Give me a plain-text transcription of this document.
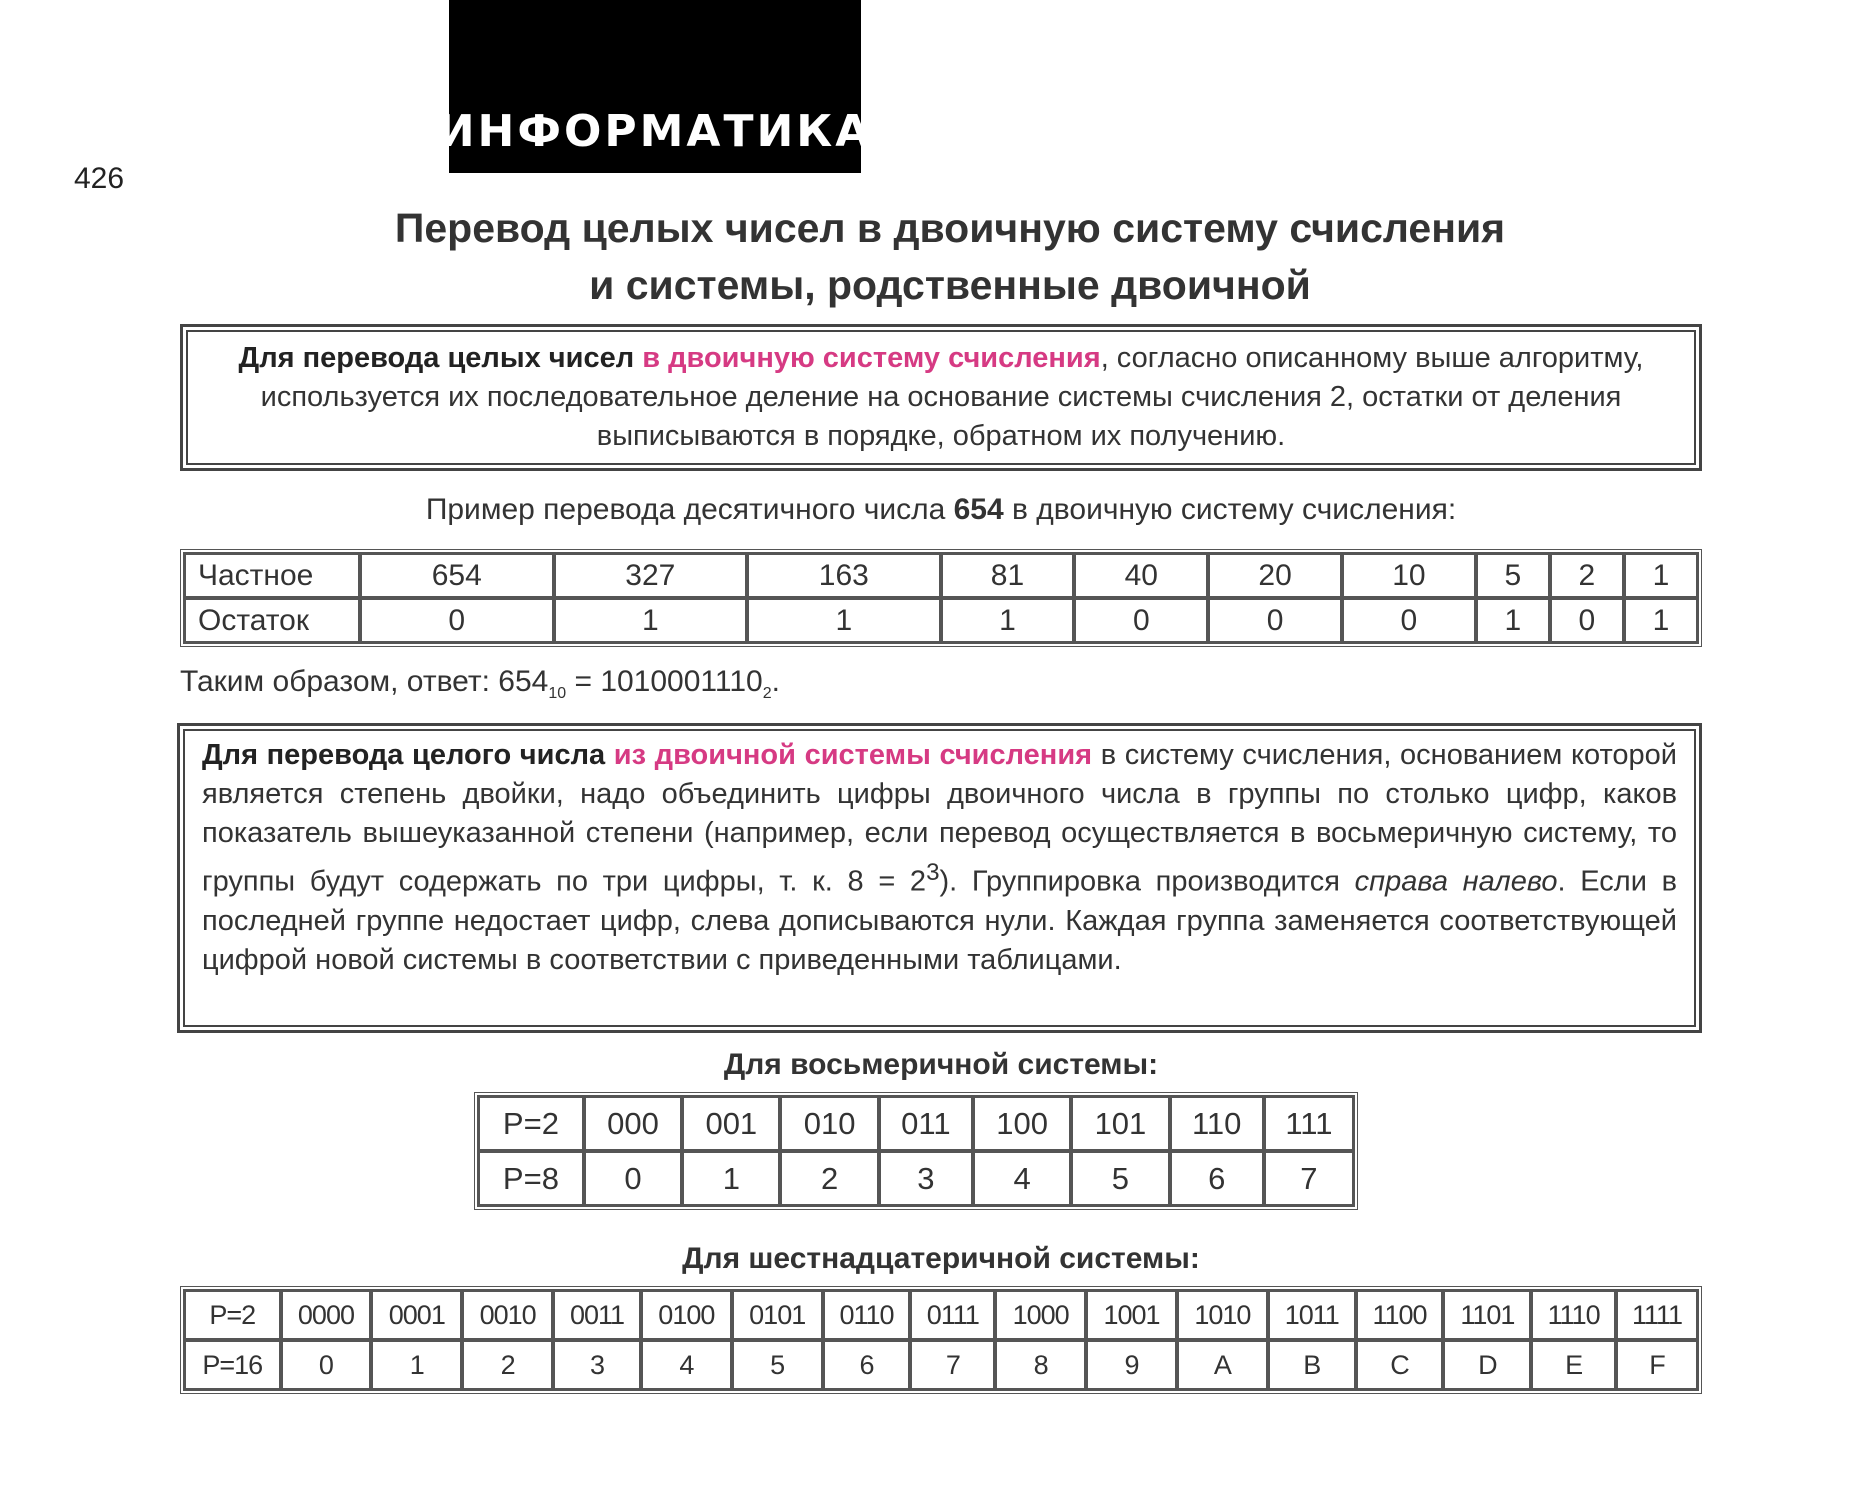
ИНФОРМАТИКА
426
Перевод целых чисел в двоичную систему счисления
и системы, родственные двоичной
Для перевода целых чисел в двоичную систему счисления, согласно описанному выше алгоритму, используется их последовательное деление на основание системы счисления 2, остатки от деления выписываются в порядке, обратном их получению.
Пример перевода десятичного числа 654 в двоичную систему счисления:
Частное	654	327	163	81	40	20	10	5	2	1
Остаток	0	1	1	1	0	0	0	1	0	1
Таким образом, ответ: $654_{10} = 1010001110_2$.
Для перевода целого числа из двоичной системы счисления в систему счисления, основанием которой является степень двойки, надо объединить цифры двоичного числа в группы по столько цифр, каков показатель вышеуказанной степени (например, если перевод осуществляется в восьмеричную систему, то группы будут содержать по три цифры, т. к. $8 = 2^3$). Группировка производится справа налево. Если в последней группе недостает цифр, слева дописываются нули. Каждая группа заменяется соответствующей цифрой новой системы в соответствии с приведенными таблицами.
Для восьмеричной системы:
P=2	000	001	010	011	100	101	110	111
P=8	0	1	2	3	4	5	6	7
Для шестнадцатеричной системы:
P=2	0000	0001	0010	0011	0100	0101	0110	0111	1000	1001	1010	1011	1100	1101	1110	1111
P=16	0	1	2	3	4	5	6	7	8	9	A	B	C	D	E	F
